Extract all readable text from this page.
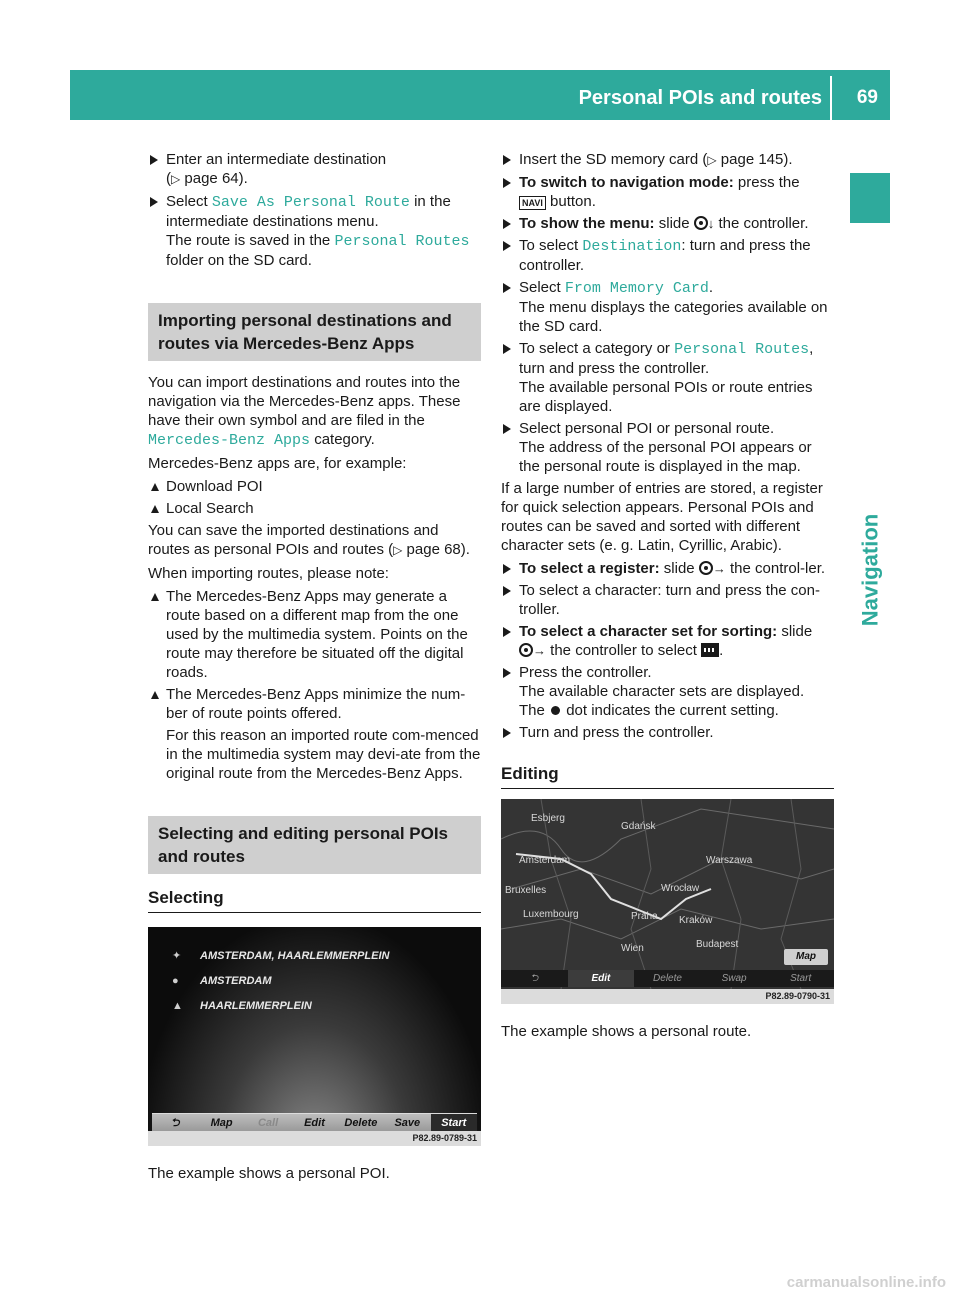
Personal POIs and routes 69
Navigation
Enter an intermediate destination
(▷ page 64).
Select Save As Personal Route in the
intermediate destinations menu.
The route is saved in the Personal Routes
folder on the SD card.
Importing personal destinations and routes via Mercedes-Benz Apps
You can import destinations and routes into the navigation via the Mercedes-Benz apps. These have their own symbol and are filed in the
Mercedes-Benz Apps category.
Mercedes-Benz apps are, for example:
Download POI
Local Search
You can save the imported destinations and routes as personal POIs and routes (▷ page 68).
When importing routes, please note:
The Mercedes-Benz Apps may generate a route based on a different map from the one used by the multimedia system. Points on the route may therefore be situated off the digital roads.
The Mercedes-Benz Apps minimize the num-ber of route points offered.
For this reason an imported route com-menced in the multimedia system may devi-ate from the original route from the Mercedes-Benz Apps.
Selecting and editing personal POIs and routes
Selecting
✦ AMSTERDAM, HAARLEMMERPLEIN
● AMSTERDAM
▲ HAARLEMMERPLEIN
⮌	Map	Call	Edit	Delete	Save	Start
P82.89-0789-31
The example shows a personal POI.
Insert the SD memory card (▷ page 145).
To switch to navigation mode: press the
NAVI button.
To show the menu: slide ↓ the controller.
To select Destination: turn and press the controller.
Select From Memory Card.
The menu displays the categories available on the SD card.
To select a category or Personal Routes,
turn and press the controller.
The available personal POIs or route entries are displayed.
Select personal POI or personal route.
The address of the personal POI appears or the personal route is displayed in the map.
If a large number of entries are stored, a register for quick selection appears. Personal POIs and routes can be saved and sorted with different character sets (e. g. Latin, Cyrillic, Arabic).
To select a register: slide → the control-ler.
To select a character: turn and press the con-troller.
To select a character set for sorting: slide
→ the controller to select .
Press the controller.
The available character sets are displayed.
The dot indicates the current setting.
Turn and press the controller.
Editing
Esbjerg
Gdańsk
Amsterdam	Warszawa
Bruxelles	Wrocław
Luxembourg	Praha Kraków
Wien	Budapest
Map
⮌	Edit	Delete	Swap	Start
P82.89-0790-31
The example shows a personal route.
carmanualsonline.info
